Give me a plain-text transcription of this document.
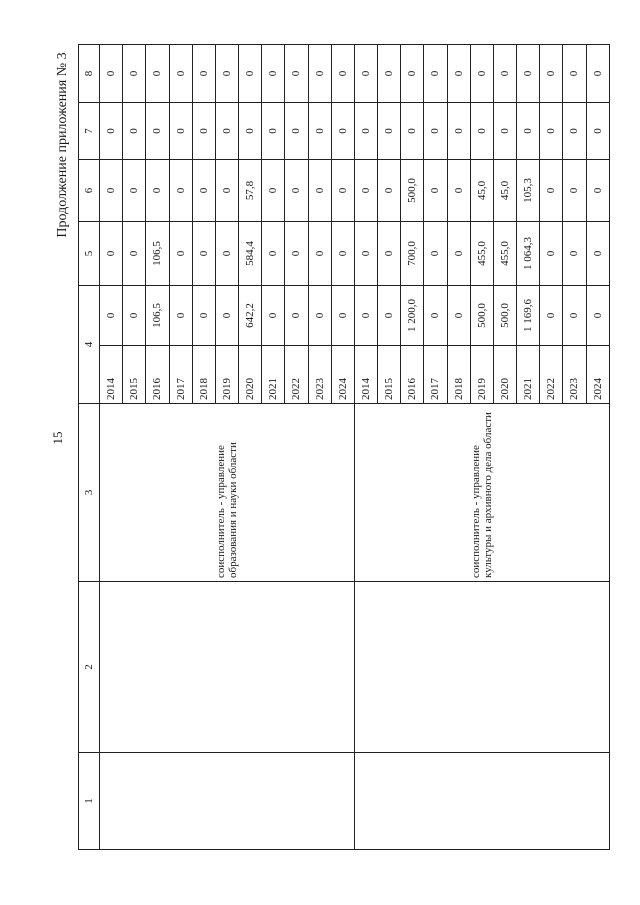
15
Продолжение приложения № 3
1	2	3	4		5	6	7	8
		соисполнитель - управление образования и науки области	2014	0	0	0	0	0
			2015	0	0	0	0	0
			2016	106,5	106,5	0	0	0
			2017	0	0	0	0	0
			2018	0	0	0	0	0
			2019	0	0	0	0	0
			2020	642,2	584,4	57,8	0	0
			2021	0	0	0	0	0
			2022	0	0	0	0	0
			2023	0	0	0	0	0
			2024	0	0	0	0	0
		соисполнитель - управление культуры и архивного дела области	2014	0	0	0	0	0
			2015	0	0	0	0	0
			2016	1 200,0	700,0	500,0	0	0
			2017	0	0	0	0	0
			2018	0	0	0	0	0
			2019	500,0	455,0	45,0	0	0
			2020	500,0	455,0	45,0	0	0
			2021	1 169,6	1 064,3	105,3	0	0
			2022	0	0	0	0	0
			2023	0	0	0	0	0
			2024	0	0	0	0	0
